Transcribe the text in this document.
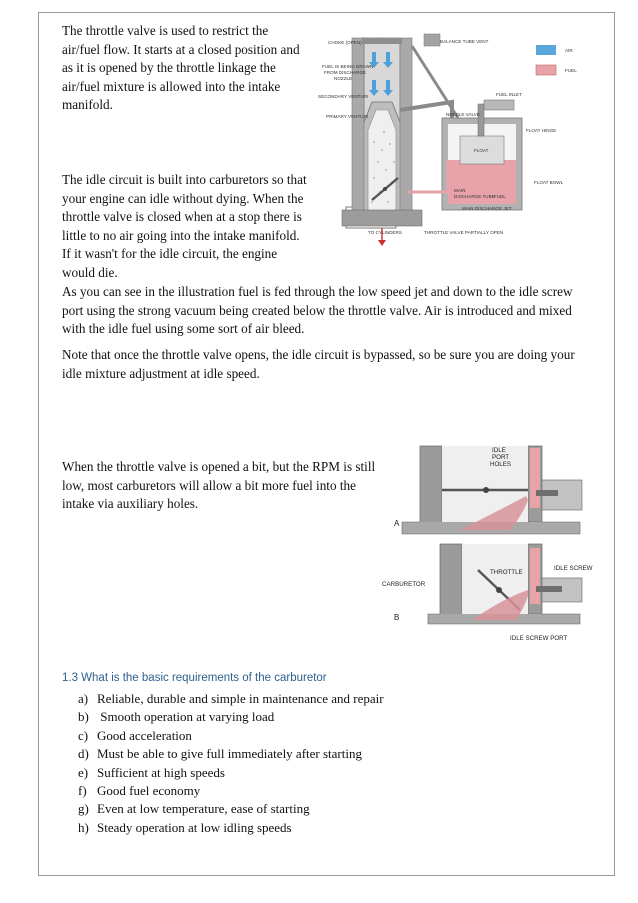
The throttle valve is used to restrict the air/fuel flow. It starts at a closed position and as it is opened by the throttle linkage the air/fuel mixture is allowed into the intake manifold.

The idle circuit is built into carburetors so that your engine can idle without dying. When the throttle valve is closed when at a stop there is little to no air going into the intake manifold. If it wasn't for the idle circuit, the engine would die.

As you can see in the illustration fuel is fed through the low speed jet and down to the idle screw port using the strong vacuum being created below the throttle valve. Air is introduced and mixed with the idle fuel using some sort of air bleed.

Note that once the throttle valve opens, the idle circuit is bypassed, so be sure you are doing your idle mixture adjustment at idle speed.

When the throttle valve is opened a bit, but the RPM is still low, most carburetors will allow a bit more fuel into the intake via auxiliary holes.

AIR
FUEL
CHOKE (OPEN)	BALANCE TUBE VENT
FUEL IS BEING DRAWN
FROM DISCHARGE
NOZZLE
SECONDARY VENTURI
PRIMARY VENTURI
FUEL INLET
NEEDLE VALVE
FLOAT HINGE
FLOAT
MAIN
DISCHARGE TUBE FUEL
FLOAT BOWL
MAIN DISCHARGE JET
TO CYLINDERS	THROTTLE VALVE PARTIALLY OPEN
IDLE
PORT
HOLES
A
THROTTLE
IDLE SCREW
CARBURETOR
B
IDLE SCREW PORT
1.3 What is the basic requirements of the carburetor
a) Reliable, durable and simple in maintenance and repair
b) Smooth operation at varying load
c) Good acceleration
d) Must be able to give full immediately after starting
e) Sufficient at high speeds
f) Good fuel economy
g) Even at low temperature, ease of starting
h) Steady operation at low idling speeds
